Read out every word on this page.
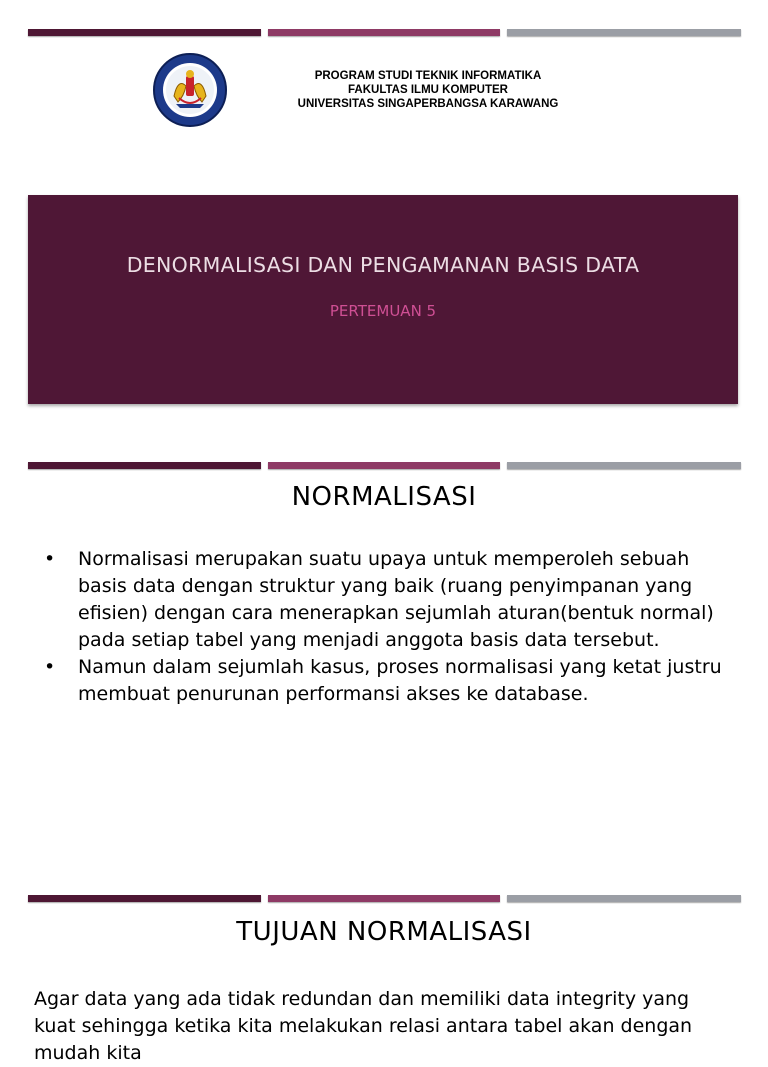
PROGRAM STUDI TEKNIK INFORMATIKA
FAKULTAS ILMU KOMPUTER
UNIVERSITAS SINGAPERBANGSA KARAWANG
DENORMALISASI DAN PENGAMANAN BASIS DATA
PERTEMUAN 5
NORMALISASI
• Normalisasi merupakan suatu upaya untuk memperoleh sebuah basis data dengan struktur yang baik (ruang penyimpanan yang efisien) dengan cara menerapkan sejumlah aturan(bentuk normal) pada setiap tabel yang menjadi anggota basis data tersebut.
• Namun dalam sejumlah kasus, proses normalisasi yang ketat justru membuat penurunan performansi akses ke database.
TUJUAN NORMALISASI
Agar data yang ada tidak redundan dan memiliki data integrity yang kuat sehingga ketika kita melakukan relasi antara tabel akan dengan mudah kita
